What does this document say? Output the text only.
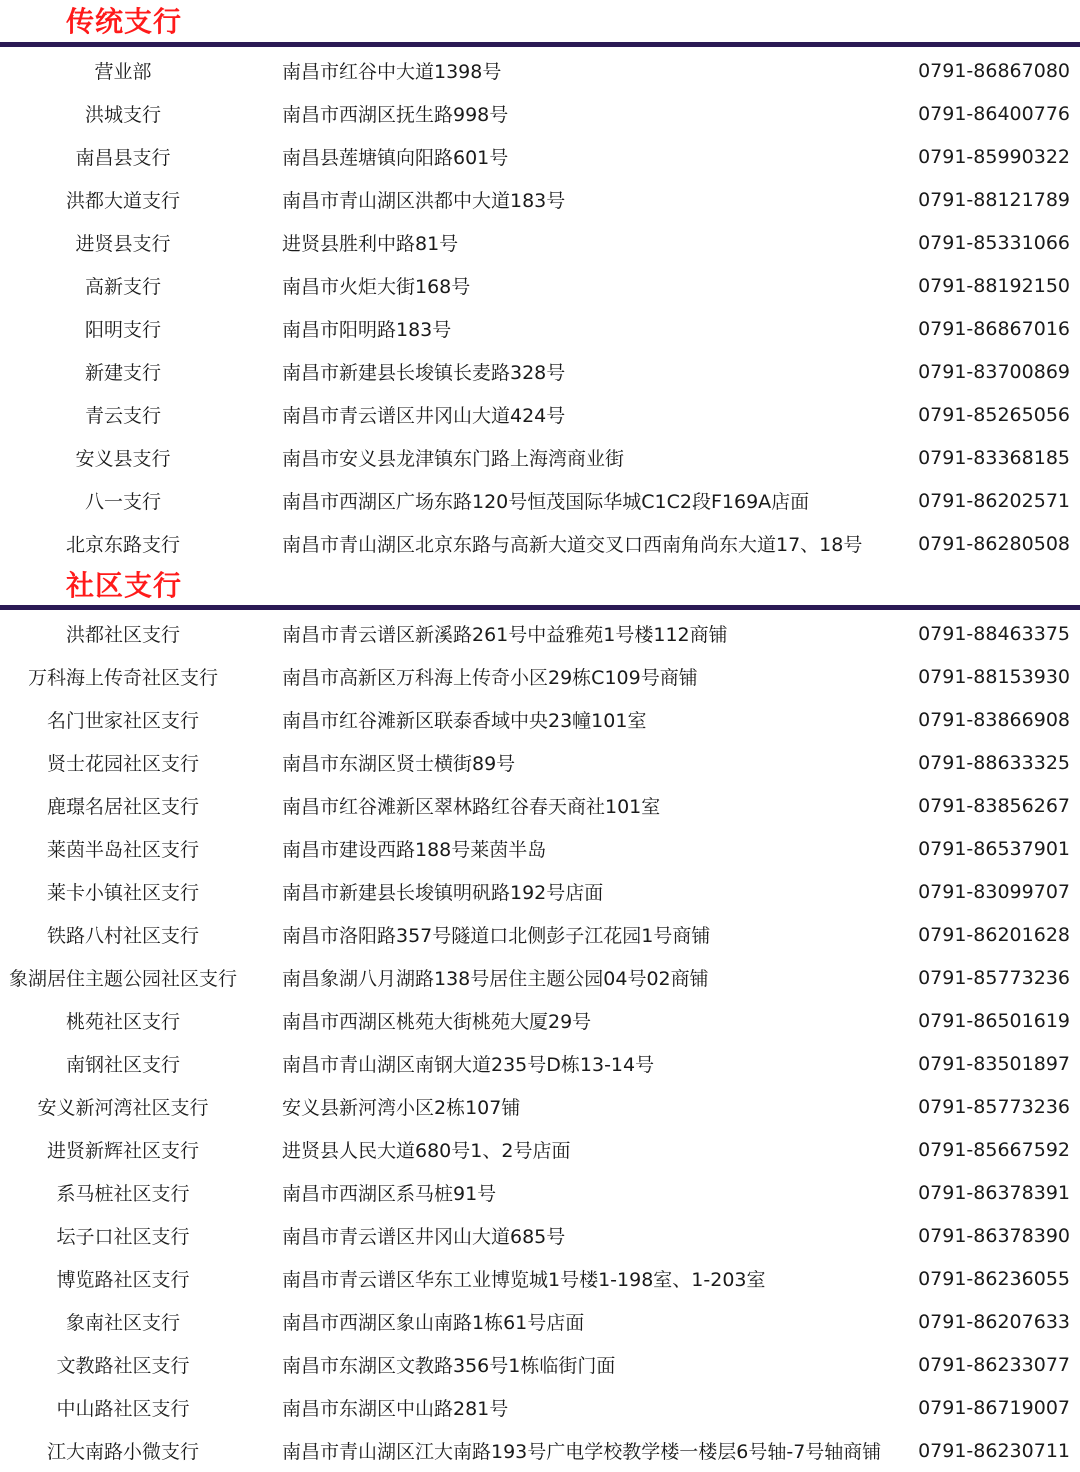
传统支行
营业部	南昌市红谷中大道1398号	0791-86867080
洪城支行	南昌市西湖区抚生路998号	0791-86400776
南昌县支行	南昌县莲塘镇向阳路601号	0791-85990322
洪都大道支行	南昌市青山湖区洪都中大道183号	0791-88121789
进贤县支行	进贤县胜利中路81号	0791-85331066
高新支行	南昌市火炬大街168号	0791-88192150
阳明支行	南昌市阳明路183号	0791-86867016
新建支行	南昌市新建县长埈镇长麦路328号	0791-83700869
青云支行	南昌市青云谱区井冈山大道424号	0791-85265056
安义县支行	南昌市安义县龙津镇东门路上海湾商业街	0791-83368185
八一支行	南昌市西湖区广场东路120号恒茂国际华城C1C2段F169A店面	0791-86202571
北京东路支行	南昌市青山湖区北京东路与高新大道交叉口西南角尚东大道17、18号	0791-86280508
社区支行
洪都社区支行	南昌市青云谱区新溪路261号中益雅苑1号楼112商铺	0791-88463375
万科海上传奇社区支行	南昌市高新区万科海上传奇小区29栋C109号商铺	0791-88153930
名门世家社区支行	南昌市红谷滩新区联泰香域中央23幢101室	0791-83866908
贤士花园社区支行	南昌市东湖区贤士横街89号	0791-88633325
鹿璟名居社区支行	南昌市红谷滩新区翠林路红谷春天商社101室	0791-83856267
莱茵半岛社区支行	南昌市建设西路188号莱茵半岛	0791-86537901
莱卡小镇社区支行	南昌市新建县长埈镇明矾路192号店面	0791-83099707
铁路八村社区支行	南昌市洛阳路357号隧道口北侧彭子江花园1号商铺	0791-86201628
象湖居住主题公园社区支行	南昌象湖八月湖路138号居住主题公园04号02商铺	0791-85773236
桃苑社区支行	南昌市西湖区桃苑大街桃苑大厦29号	0791-86501619
南钢社区支行	南昌市青山湖区南钢大道235号D栋13-14号	0791-83501897
安义新河湾社区支行	安义县新河湾小区2栋107铺	0791-85773236
进贤新辉社区支行	进贤县人民大道680号1、2号店面	0791-85667592
系马桩社区支行	南昌市西湖区系马桩91号	0791-86378391
坛子口社区支行	南昌市青云谱区井冈山大道685号	0791-86378390
博览路社区支行	南昌市青云谱区华东工业博览城1号楼1-198室、1-203室	0791-86236055
象南社区支行	南昌市西湖区象山南路1栋61号店面	0791-86207633
文教路社区支行	南昌市东湖区文教路356号1栋临街门面	0791-86233077
中山路社区支行	南昌市东湖区中山路281号	0791-86719007
江大南路小微支行	南昌市青山湖区江大南路193号广电学校教学楼一楼层6号轴-7号轴商铺	0791-86230711
